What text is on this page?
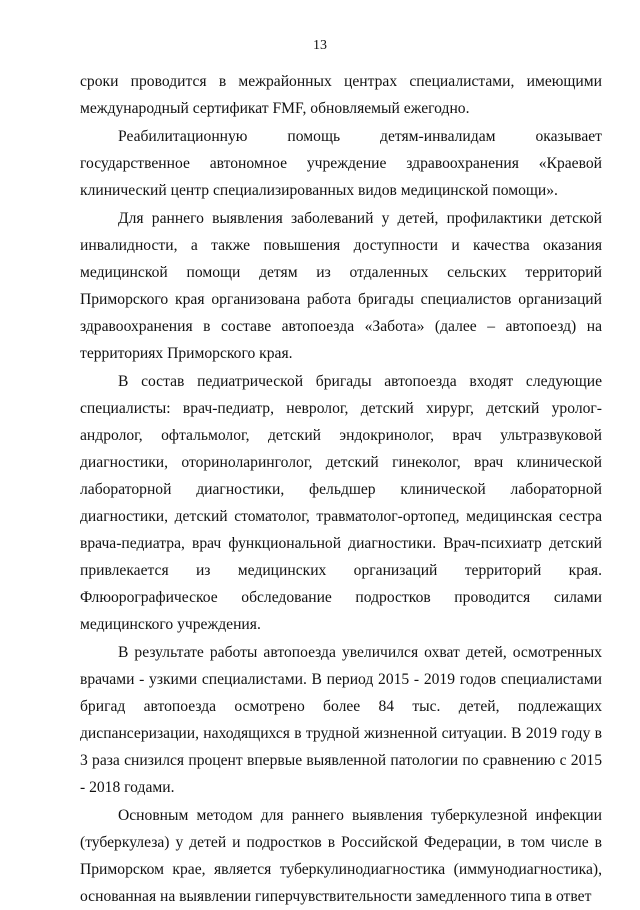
13

сроки проводится в межрайонных центрах специалистами, имеющими международный сертификат FMF, обновляемый ежегодно.

Реабилитационную помощь детям-инвалидам оказывает государственное автономное учреждение здравоохранения «Краевой клинический центр специализированных видов медицинской помощи».

Для раннего выявления заболеваний у детей, профилактики детской инвалидности, а также повышения доступности и качества оказания медицинской помощи детям из отдаленных сельских территорий Приморского края организована работа бригады специалистов организаций здравоохранения в составе автопоезда «Забота» (далее – автопоезд) на территориях Приморского края.

В состав педиатрической бригады автопоезда входят следующие специалисты: врач-педиатр, невролог, детский хирург, детский уролог-андролог, офтальмолог, детский эндокринолог, врач ультразвуковой диагностики, оториноларинголог, детский гинеколог, врач клинической лабораторной диагностики, фельдшер клинической лабораторной диагностики, детский стоматолог, травматолог-ортопед, медицинская сестра врача-педиатра, врач функциональной диагностики. Врач-психиатр детский привлекается из медицинских организаций территорий края. Флюорографическое обследование подростков проводится силами медицинского учреждения.

В результате работы автопоезда увеличился охват детей, осмотренных врачами - узкими специалистами. В период 2015 - 2019 годов специалистами бригад автопоезда осмотрено более 84 тыс. детей, подлежащих диспансеризации, находящихся в трудной жизненной ситуации. В 2019 году в 3 раза снизился процент впервые выявленной патологии по сравнению с 2015 - 2018 годами.

Основным методом для раннего выявления туберкулезной инфекции (туберкулеза) у детей и подростков в Российской Федерации, в том числе в Приморском крае, является туберкулинодиагностика (иммунодиагностика), основанная на выявлении гиперчувствительности замедленного типа в ответ
